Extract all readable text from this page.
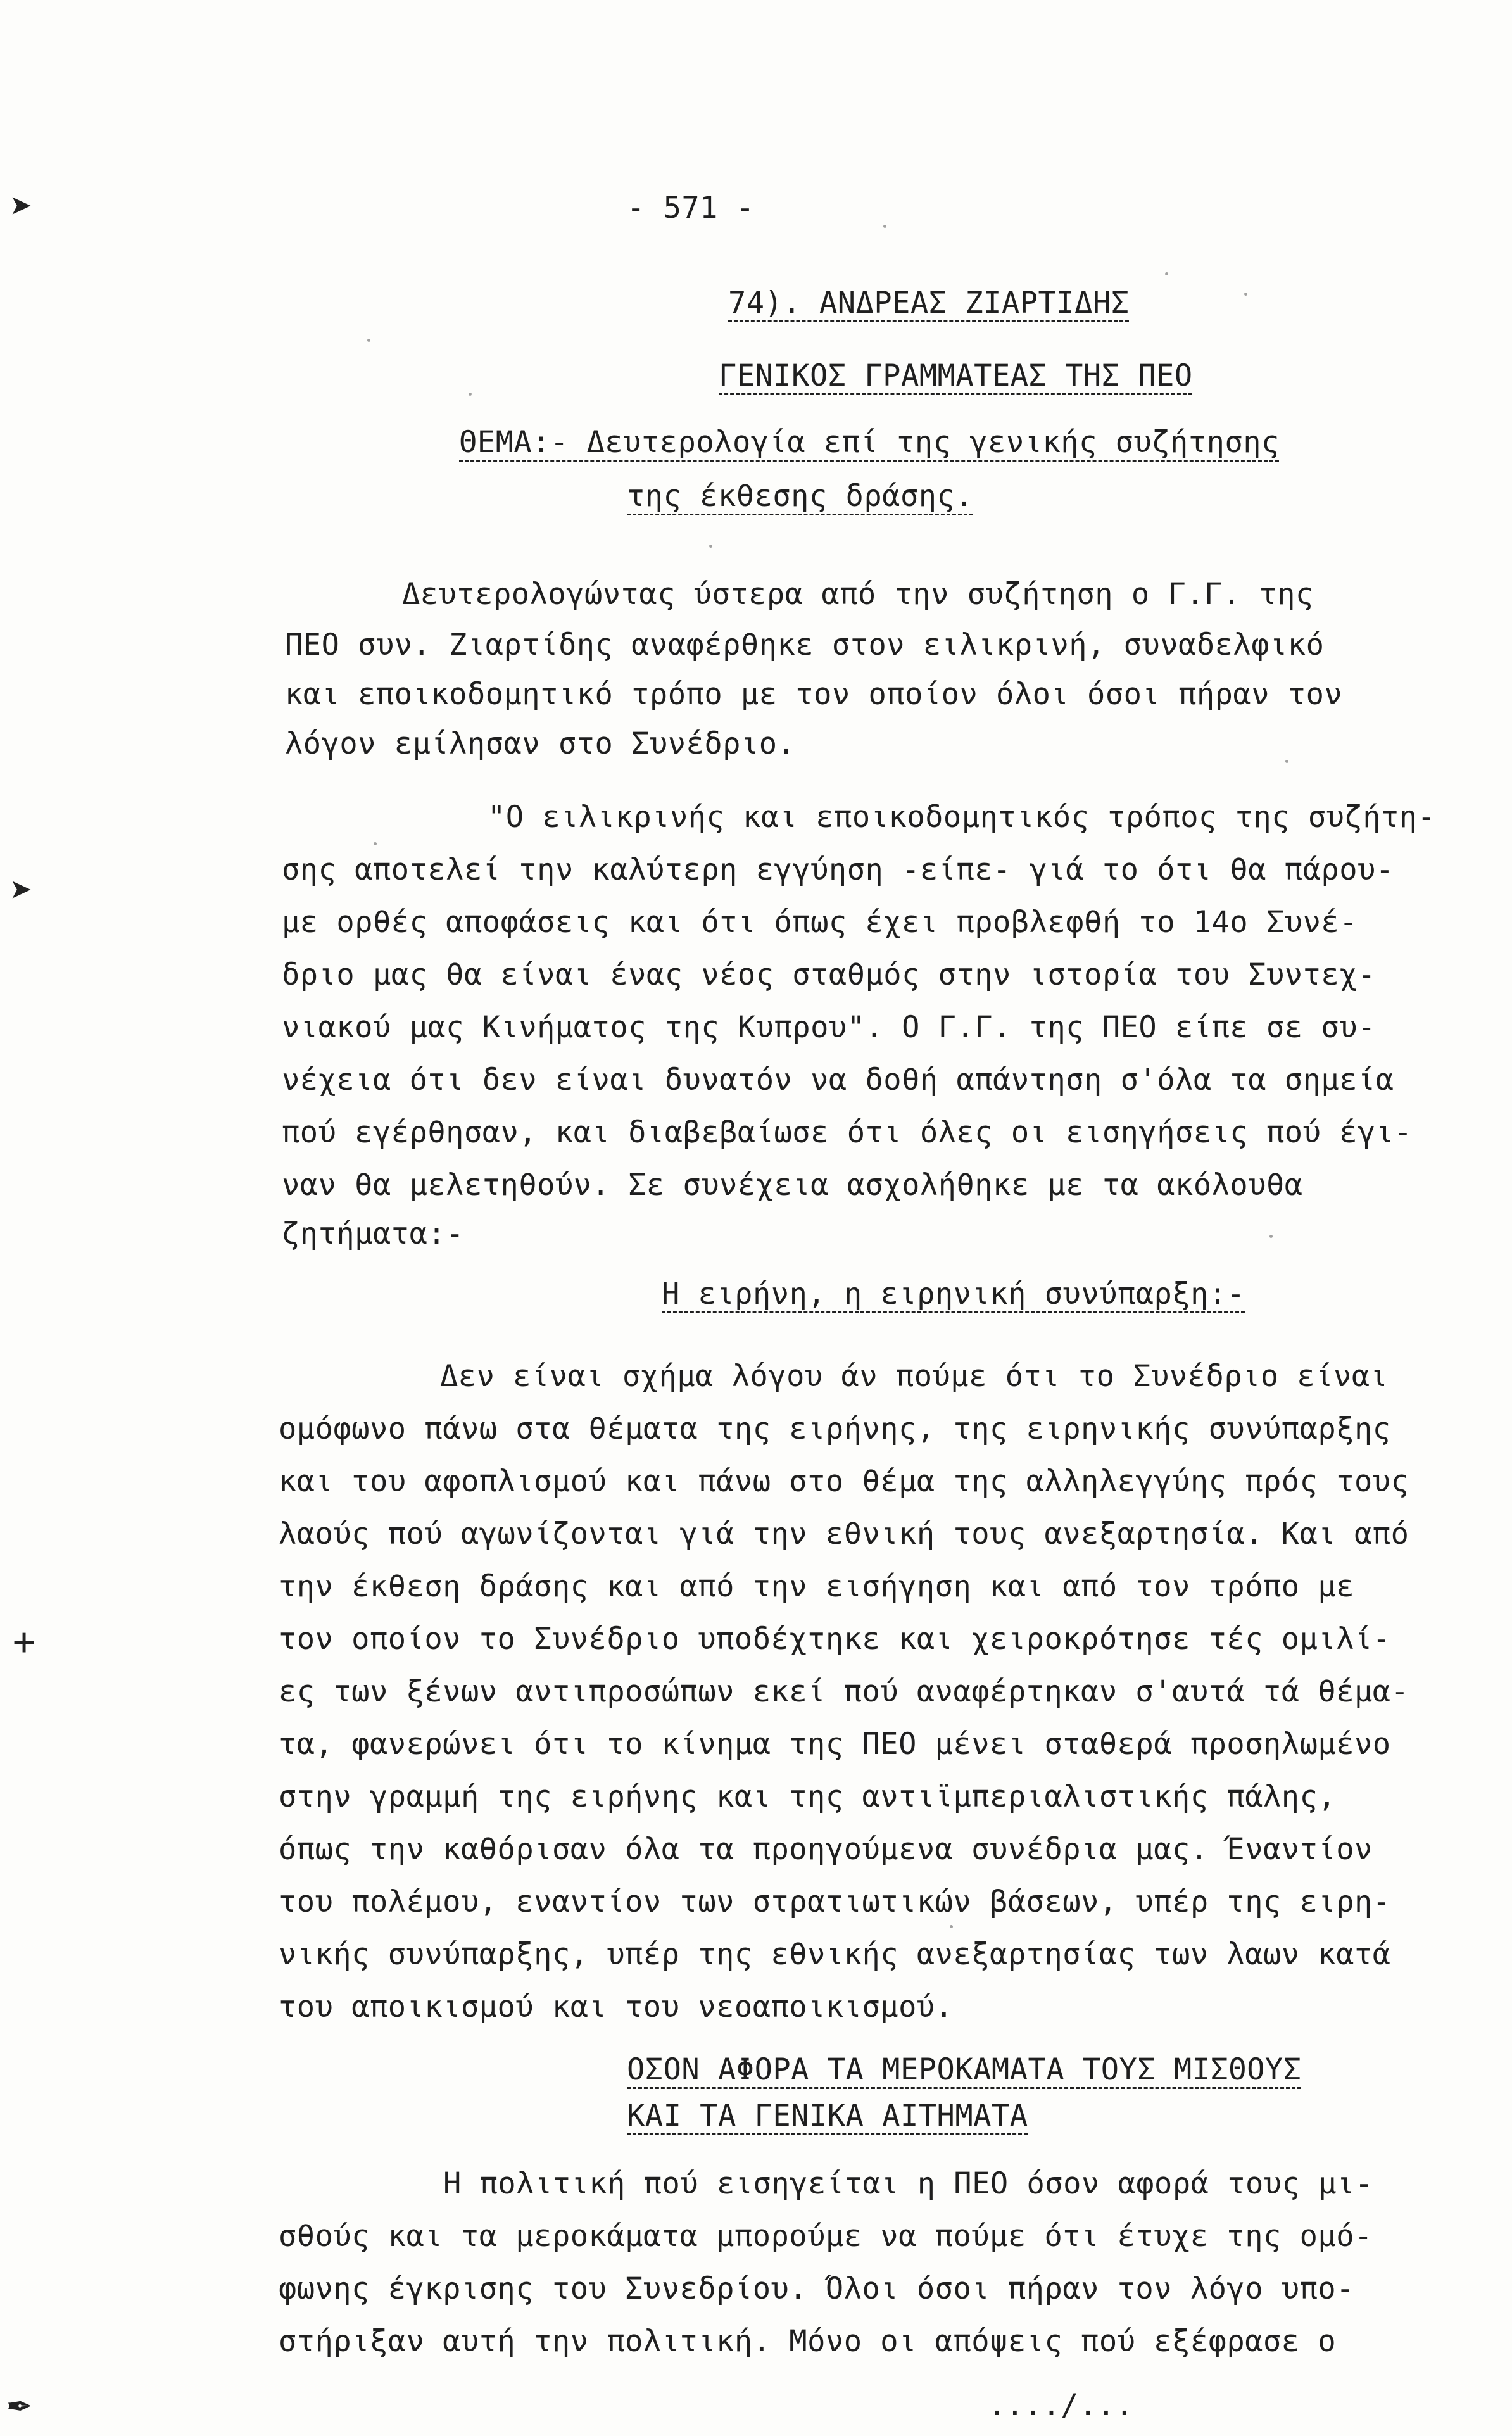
➤
➤
+
✒
- 571 -
74). ΑΝΔΡΕΑΣ ΖΙΑΡΤΙΔΗΣ
ΓΕΝΙΚΟΣ ΓΡΑΜΜΑΤΕΑΣ ΤΗΣ ΠΕΟ
ΘΕΜΑ:- Δευτερολογία επί της γενικής συζήτησης
της έκθεσης δράσης.
Δευτερολογώντας ύστερα από την συζήτηση ο Γ.Γ. της
ΠΕΟ συν. Ζιαρτίδης αναφέρθηκε στον ειλικρινή, συναδελφικό
και εποικοδομητικό τρόπο με τον οποίον όλοι όσοι πήραν τον
λόγον εμίλησαν στο Συνέδριο.
"Ο ειλικρινής και εποικοδομητικός τρόπος της συζήτη-
σης αποτελεί την καλύτερη εγγύηση -είπε- γιά το ότι θα πάρου-
με ορθές αποφάσεις και ότι όπως έχει προβλεφθή το 14ο Συνέ-
δριο μας θα είναι ένας νέος σταθμός στην ιστορία του Συντεχ-
νιακού μας Κινήματος της Κυπρου". Ο Γ.Γ. της ΠΕΟ είπε σε συ-
νέχεια ότι δεν είναι δυνατόν να δοθή απάντηση σ'όλα τα σημεία
πού εγέρθησαν, και διαβεβαίωσε ότι όλες οι εισηγήσεις πού έγι-
ναν θα μελετηθούν. Σε συνέχεια ασχολήθηκε με τα ακόλουθα
ζητήματα:-
Η ειρήνη, η ειρηνική συνύπαρξη:-
Δεν είναι σχήμα λόγου άν πούμε ότι το Συνέδριο είναι
ομόφωνο πάνω στα θέματα της ειρήνης, της ειρηνικής συνύπαρξης
και του αφοπλισμού και πάνω στο θέμα της αλληλεγγύης πρός τους
λαούς πού αγωνίζονται γιά την εθνική τους ανεξαρτησία. Και από
την έκθεση δράσης και από την εισήγηση και από τον τρόπο με
τον οποίον το Συνέδριο υποδέχτηκε και χειροκρότησε τές ομιλί-
ες των ξένων αντιπροσώπων εκεί πού αναφέρτηκαν σ'αυτά τά θέμα-
τα, φανερώνει ότι το κίνημα της ΠΕΟ μένει σταθερά προσηλωμένο
στην γραμμή της ειρήνης και της αντιϊμπεριαλιστικής πάλης,
όπως την καθόρισαν όλα τα προηγούμενα συνέδρια μας. Έναντίον
του πολέμου, εναντίον των στρατιωτικών βάσεων, υπέρ της ειρη-
νικής συνύπαρξης, υπέρ της εθνικής ανεξαρτησίας των λαων κατά
του αποικισμού και του νεοαποικισμού.
ΟΣΟΝ ΑΦΟΡΑ ΤΑ ΜΕΡΟΚΑΜΑΤΑ ΤΟΥΣ ΜΙΣΘΟΥΣ
ΚΑΙ ΤΑ ΓΕΝΙΚΑ ΑΙΤΗΜΑΤΑ
Η πολιτική πού εισηγείται η ΠΕΟ όσον αφορά τους μι-
σθούς και τα μεροκάματα μπορούμε να πούμε ότι έτυχε της ομό-
φωνης έγκρισης του Συνεδρίου. Όλοι όσοι πήραν τον λόγο υπο-
στήριξαν αυτή την πολιτική. Μόνο οι απόψεις πού εξέφρασε ο
..../...
